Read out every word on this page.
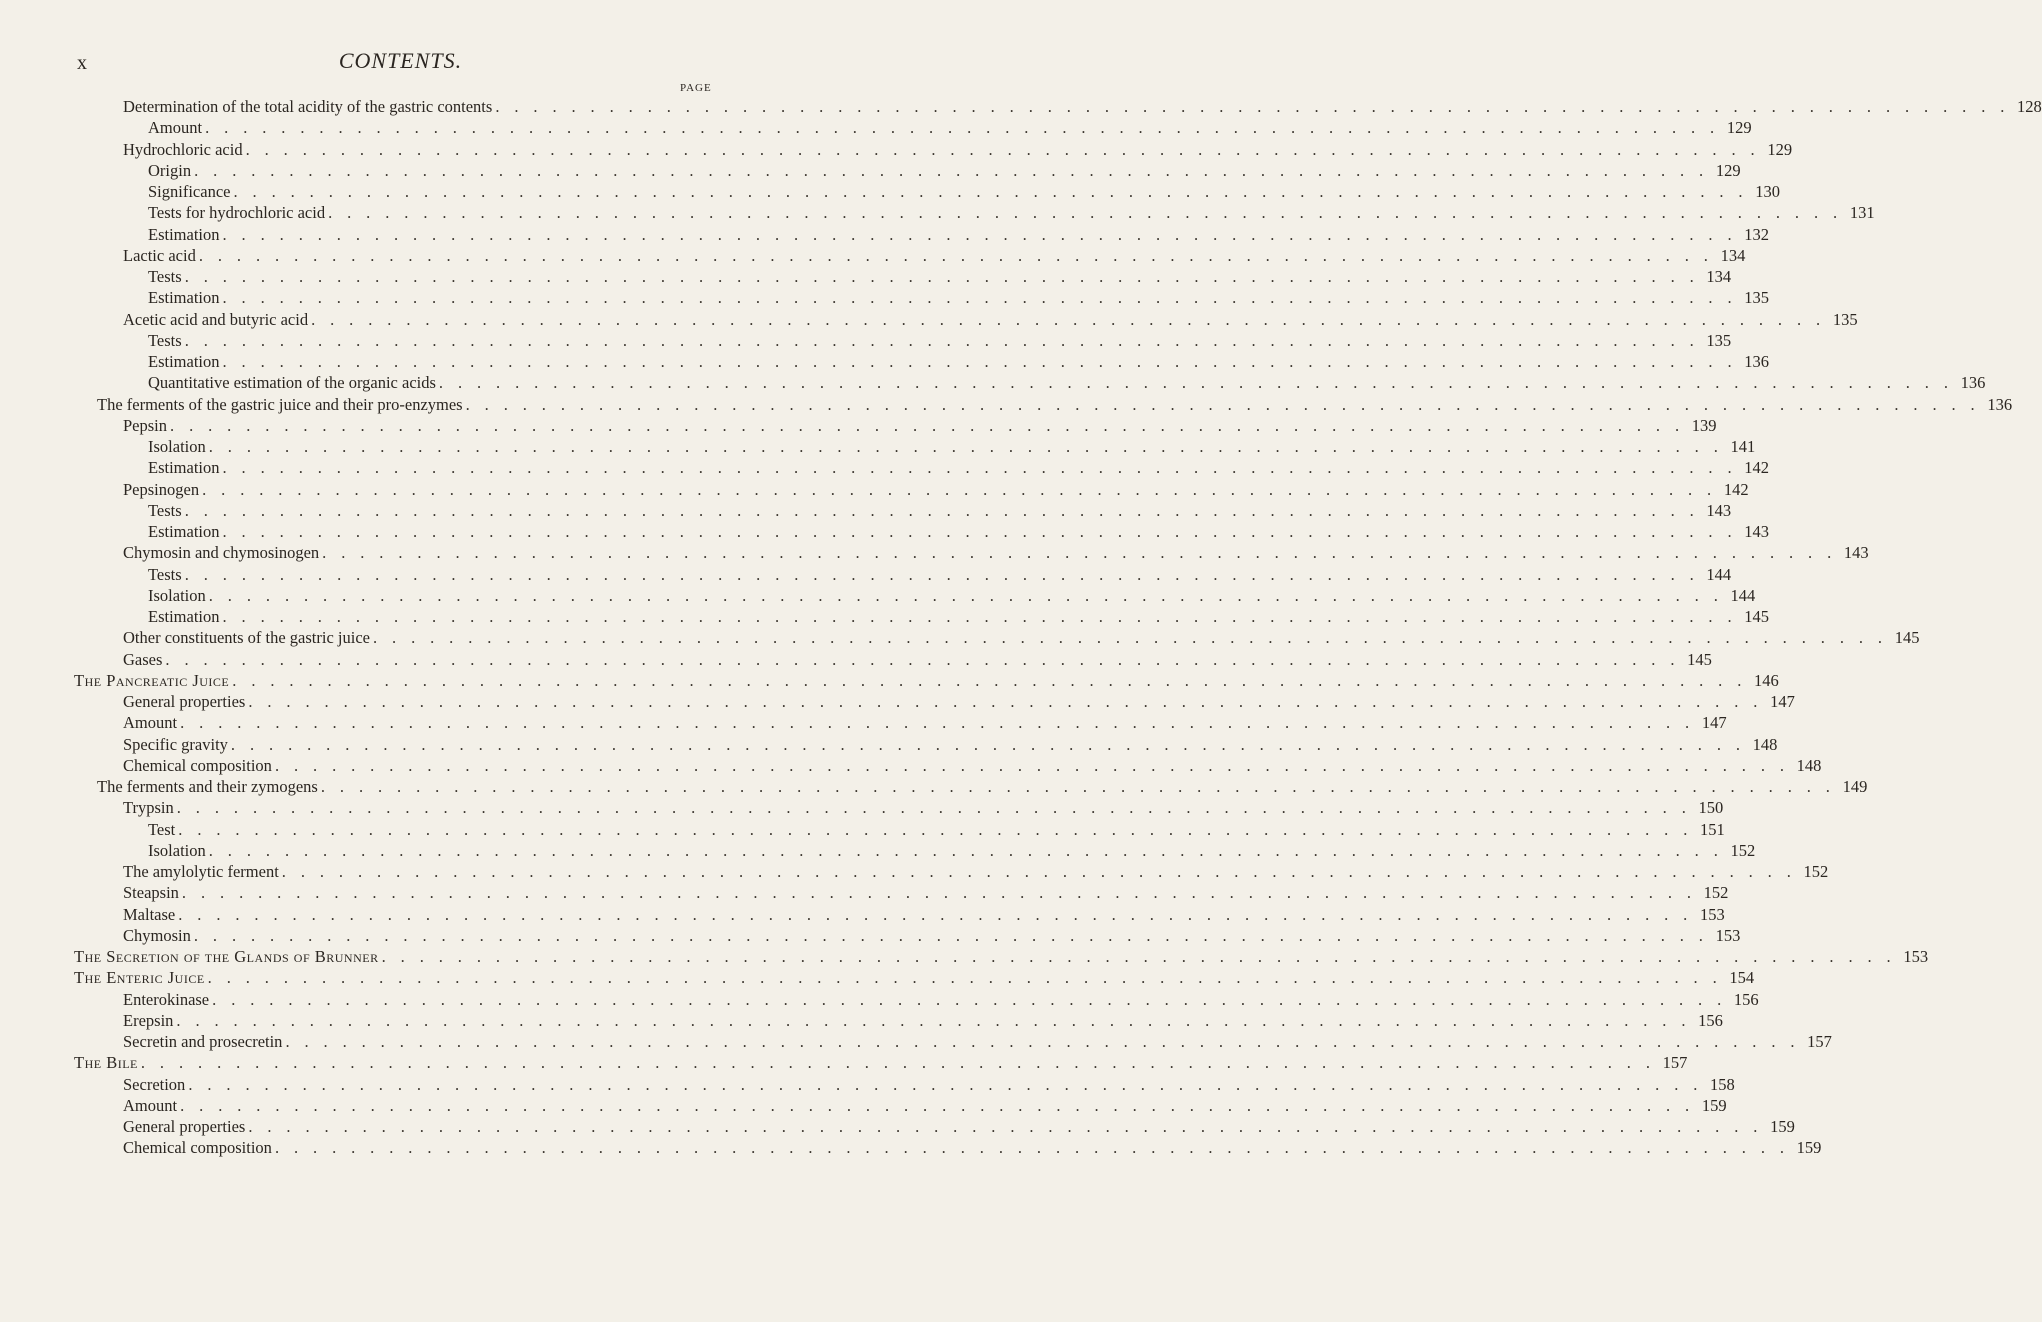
x	CONTENTS.
PAGE
Determination of the total acidity of the gastric contents . . . . . . . . . . . . . . . . . . . . . . . . . . . . . . . . . . . . . . . . . . . . . . . . . . . . . . . . . . . . . . . . . . . . . . . . . . . . . . . . 128
Amount . . . . . . . . . . . . . . . . . . . . . . . . . . . . . . . . . . . . . . . . . . . . . . . . . . . . . . . . . . . . . . . . . . . . . . . . . . . . . . . . 129
Hydrochloric acid . . . . . . . . . . . . . . . . . . . . . . . . . . . . . . . . . . . . . . . . . . . . . . . . . . . . . . . . . . . . . . . . . . . . . . . . . . . . . . . . 129
Origin . . . . . . . . . . . . . . . . . . . . . . . . . . . . . . . . . . . . . . . . . . . . . . . . . . . . . . . . . . . . . . . . . . . . . . . . . . . . . . . . 129
Significance . . . . . . . . . . . . . . . . . . . . . . . . . . . . . . . . . . . . . . . . . . . . . . . . . . . . . . . . . . . . . . . . . . . . . . . . . . . . . . . . 130
Tests for hydrochloric acid . . . . . . . . . . . . . . . . . . . . . . . . . . . . . . . . . . . . . . . . . . . . . . . . . . . . . . . . . . . . . . . . . . . . . . . . . . . . . . . . 131
Estimation . . . . . . . . . . . . . . . . . . . . . . . . . . . . . . . . . . . . . . . . . . . . . . . . . . . . . . . . . . . . . . . . . . . . . . . . . . . . . . . . 132
Lactic acid . . . . . . . . . . . . . . . . . . . . . . . . . . . . . . . . . . . . . . . . . . . . . . . . . . . . . . . . . . . . . . . . . . . . . . . . . . . . . . . . 134
Tests . . . . . . . . . . . . . . . . . . . . . . . . . . . . . . . . . . . . . . . . . . . . . . . . . . . . . . . . . . . . . . . . . . . . . . . . . . . . . . . . 134
Estimation . . . . . . . . . . . . . . . . . . . . . . . . . . . . . . . . . . . . . . . . . . . . . . . . . . . . . . . . . . . . . . . . . . . . . . . . . . . . . . . . 135
Acetic acid and butyric acid . . . . . . . . . . . . . . . . . . . . . . . . . . . . . . . . . . . . . . . . . . . . . . . . . . . . . . . . . . . . . . . . . . . . . . . . . . . . . . . . 135
Tests . . . . . . . . . . . . . . . . . . . . . . . . . . . . . . . . . . . . . . . . . . . . . . . . . . . . . . . . . . . . . . . . . . . . . . . . . . . . . . . . 135
Estimation . . . . . . . . . . . . . . . . . . . . . . . . . . . . . . . . . . . . . . . . . . . . . . . . . . . . . . . . . . . . . . . . . . . . . . . . . . . . . . . . 136
Quantitative estimation of the organic acids . . . . . . . . . . . . . . . . . . . . . . . . . . . . . . . . . . . . . . . . . . . . . . . . . . . . . . . . . . . . . . . . . . . . . . . . . . . . . . . . 136
The ferments of the gastric juice and their pro-enzymes . . . . . . . . . . . . . . . . . . . . . . . . . . . . . . . . . . . . . . . . . . . . . . . . . . . . . . . . . . . . . . . . . . . . . . . . . . . . . . . . 136
Pepsin . . . . . . . . . . . . . . . . . . . . . . . . . . . . . . . . . . . . . . . . . . . . . . . . . . . . . . . . . . . . . . . . . . . . . . . . . . . . . . . . 139
Isolation . . . . . . . . . . . . . . . . . . . . . . . . . . . . . . . . . . . . . . . . . . . . . . . . . . . . . . . . . . . . . . . . . . . . . . . . . . . . . . . . 141
Estimation . . . . . . . . . . . . . . . . . . . . . . . . . . . . . . . . . . . . . . . . . . . . . . . . . . . . . . . . . . . . . . . . . . . . . . . . . . . . . . . . 142
Pepsinogen . . . . . . . . . . . . . . . . . . . . . . . . . . . . . . . . . . . . . . . . . . . . . . . . . . . . . . . . . . . . . . . . . . . . . . . . . . . . . . . . 142
Tests . . . . . . . . . . . . . . . . . . . . . . . . . . . . . . . . . . . . . . . . . . . . . . . . . . . . . . . . . . . . . . . . . . . . . . . . . . . . . . . . 143
Estimation . . . . . . . . . . . . . . . . . . . . . . . . . . . . . . . . . . . . . . . . . . . . . . . . . . . . . . . . . . . . . . . . . . . . . . . . . . . . . . . . 143
Chymosin and chymosinogen . . . . . . . . . . . . . . . . . . . . . . . . . . . . . . . . . . . . . . . . . . . . . . . . . . . . . . . . . . . . . . . . . . . . . . . . . . . . . . . . 143
Tests . . . . . . . . . . . . . . . . . . . . . . . . . . . . . . . . . . . . . . . . . . . . . . . . . . . . . . . . . . . . . . . . . . . . . . . . . . . . . . . . 144
Isolation . . . . . . . . . . . . . . . . . . . . . . . . . . . . . . . . . . . . . . . . . . . . . . . . . . . . . . . . . . . . . . . . . . . . . . . . . . . . . . . . 144
Estimation . . . . . . . . . . . . . . . . . . . . . . . . . . . . . . . . . . . . . . . . . . . . . . . . . . . . . . . . . . . . . . . . . . . . . . . . . . . . . . . . 145
Other constituents of the gastric juice . . . . . . . . . . . . . . . . . . . . . . . . . . . . . . . . . . . . . . . . . . . . . . . . . . . . . . . . . . . . . . . . . . . . . . . . . . . . . . . . 145
Gases . . . . . . . . . . . . . . . . . . . . . . . . . . . . . . . . . . . . . . . . . . . . . . . . . . . . . . . . . . . . . . . . . . . . . . . . . . . . . . . . 145
The Pancreatic Juice . . . . . . . . . . . . . . . . . . . . . . . . . . . . . . . . . . . . . . . . . . . . . . . . . . . . . . . . . . . . . . . . . . . . . . . . . . . . . . . . 146
General properties . . . . . . . . . . . . . . . . . . . . . . . . . . . . . . . . . . . . . . . . . . . . . . . . . . . . . . . . . . . . . . . . . . . . . . . . . . . . . . . . 147
Amount . . . . . . . . . . . . . . . . . . . . . . . . . . . . . . . . . . . . . . . . . . . . . . . . . . . . . . . . . . . . . . . . . . . . . . . . . . . . . . . . 147
Specific gravity . . . . . . . . . . . . . . . . . . . . . . . . . . . . . . . . . . . . . . . . . . . . . . . . . . . . . . . . . . . . . . . . . . . . . . . . . . . . . . . . 148
Chemical composition . . . . . . . . . . . . . . . . . . . . . . . . . . . . . . . . . . . . . . . . . . . . . . . . . . . . . . . . . . . . . . . . . . . . . . . . . . . . . . . . 148
The ferments and their zymogens . . . . . . . . . . . . . . . . . . . . . . . . . . . . . . . . . . . . . . . . . . . . . . . . . . . . . . . . . . . . . . . . . . . . . . . . . . . . . . . . 149
Trypsin . . . . . . . . . . . . . . . . . . . . . . . . . . . . . . . . . . . . . . . . . . . . . . . . . . . . . . . . . . . . . . . . . . . . . . . . . . . . . . . . 150
Test . . . . . . . . . . . . . . . . . . . . . . . . . . . . . . . . . . . . . . . . . . . . . . . . . . . . . . . . . . . . . . . . . . . . . . . . . . . . . . . . 151
Isolation . . . . . . . . . . . . . . . . . . . . . . . . . . . . . . . . . . . . . . . . . . . . . . . . . . . . . . . . . . . . . . . . . . . . . . . . . . . . . . . . 152
The amylolytic ferment . . . . . . . . . . . . . . . . . . . . . . . . . . . . . . . . . . . . . . . . . . . . . . . . . . . . . . . . . . . . . . . . . . . . . . . . . . . . . . . . 152
Steapsin . . . . . . . . . . . . . . . . . . . . . . . . . . . . . . . . . . . . . . . . . . . . . . . . . . . . . . . . . . . . . . . . . . . . . . . . . . . . . . . . 152
Maltase . . . . . . . . . . . . . . . . . . . . . . . . . . . . . . . . . . . . . . . . . . . . . . . . . . . . . . . . . . . . . . . . . . . . . . . . . . . . . . . . 153
Chymosin . . . . . . . . . . . . . . . . . . . . . . . . . . . . . . . . . . . . . . . . . . . . . . . . . . . . . . . . . . . . . . . . . . . . . . . . . . . . . . . . 153
The Secretion of the Glands of Brunner . . . . . . . . . . . . . . . . . . . . . . . . . . . . . . . . . . . . . . . . . . . . . . . . . . . . . . . . . . . . . . . . . . . . . . . . . . . . . . . . 153
The Enteric Juice . . . . . . . . . . . . . . . . . . . . . . . . . . . . . . . . . . . . . . . . . . . . . . . . . . . . . . . . . . . . . . . . . . . . . . . . . . . . . . . . 154
Enterokinase . . . . . . . . . . . . . . . . . . . . . . . . . . . . . . . . . . . . . . . . . . . . . . . . . . . . . . . . . . . . . . . . . . . . . . . . . . . . . . . . 156
Erepsin . . . . . . . . . . . . . . . . . . . . . . . . . . . . . . . . . . . . . . . . . . . . . . . . . . . . . . . . . . . . . . . . . . . . . . . . . . . . . . . . 156
Secretin and prosecretin . . . . . . . . . . . . . . . . . . . . . . . . . . . . . . . . . . . . . . . . . . . . . . . . . . . . . . . . . . . . . . . . . . . . . . . . . . . . . . . . 157
The Bile . . . . . . . . . . . . . . . . . . . . . . . . . . . . . . . . . . . . . . . . . . . . . . . . . . . . . . . . . . . . . . . . . . . . . . . . . . . . . . . . 157
Secretion . . . . . . . . . . . . . . . . . . . . . . . . . . . . . . . . . . . . . . . . . . . . . . . . . . . . . . . . . . . . . . . . . . . . . . . . . . . . . . . . 158
Amount . . . . . . . . . . . . . . . . . . . . . . . . . . . . . . . . . . . . . . . . . . . . . . . . . . . . . . . . . . . . . . . . . . . . . . . . . . . . . . . . 159
General properties . . . . . . . . . . . . . . . . . . . . . . . . . . . . . . . . . . . . . . . . . . . . . . . . . . . . . . . . . . . . . . . . . . . . . . . . . . . . . . . . 159
Chemical composition . . . . . . . . . . . . . . . . . . . . . . . . . . . . . . . . . . . . . . . . . . . . . . . . . . . . . . . . . . . . . . . . . . . . . . . . . . . . . . . . 159
